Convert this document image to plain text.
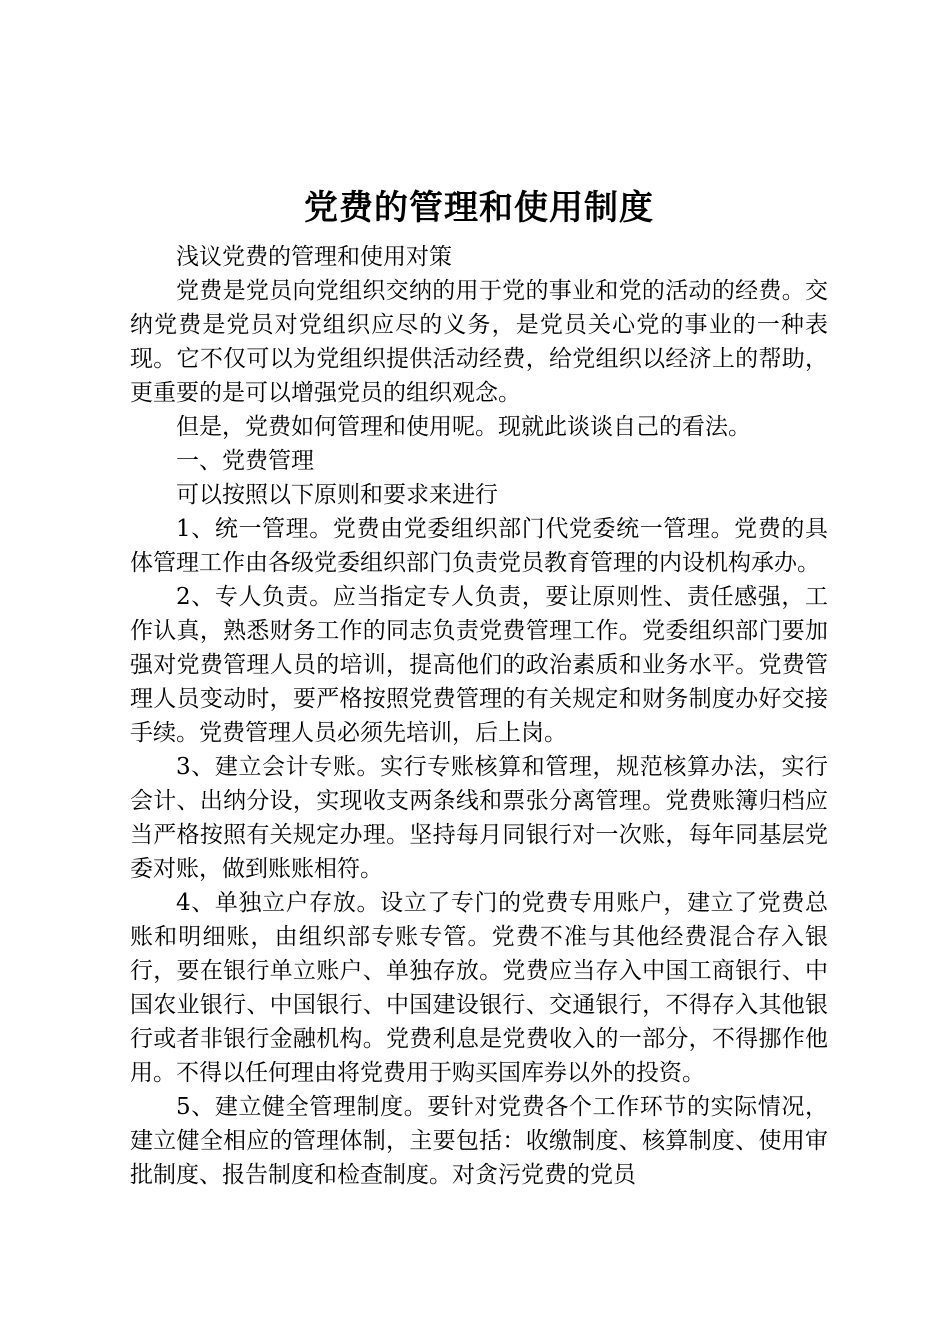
党费的管理和使用制度

浅议党费的管理和使用对策

党费是党员向党组织交纳的用于党的事业和党的活动的经费。交纳党费是党员对党组织应尽的义务，是党员关心党的事业的一种表现。它不仅可以为党组织提供活动经费，给党组织以经济上的帮助，更重要的是可以增强党员的组织观念。

但是，党费如何管理和使用呢。现就此谈谈自己的看法。

一、党费管理

可以按照以下原则和要求来进行

1、统一管理。党费由党委组织部门代党委统一管理。党费的具体管理工作由各级党委组织部门负责党员教育管理的内设机构承办。

2、专人负责。应当指定专人负责，要让原则性、责任感强，工作认真，熟悉财务工作的同志负责党费管理工作。党委组织部门要加强对党费管理人员的培训，提高他们的政治素质和业务水平。党费管理人员变动时，要严格按照党费管理的有关规定和财务制度办好交接手续。党费管理人员必须先培训，后上岗。

3、建立会计专账。实行专账核算和管理，规范核算办法，实行会计、出纳分设，实现收支两条线和票张分离管理。党费账簿归档应当严格按照有关规定办理。坚持每月同银行对一次账，每年同基层党委对账，做到账账相符。

4、单独立户存放。设立了专门的党费专用账户，建立了党费总账和明细账，由组织部专账专管。党费不准与其他经费混合存入银行，要在银行单立账户、单独存放。党费应当存入中国工商银行、中国农业银行、中国银行、中国建设银行、交通银行，不得存入其他银行或者非银行金融机构。党费利息是党费收入的一部分，不得挪作他用。不得以任何理由将党费用于购买国库券以外的投资。

5、建立健全管理制度。要针对党费各个工作环节的实际情况，建立健全相应的管理体制，主要包括：收缴制度、核算制度、使用审批制度、报告制度和检查制度。对贪污党费的党员
